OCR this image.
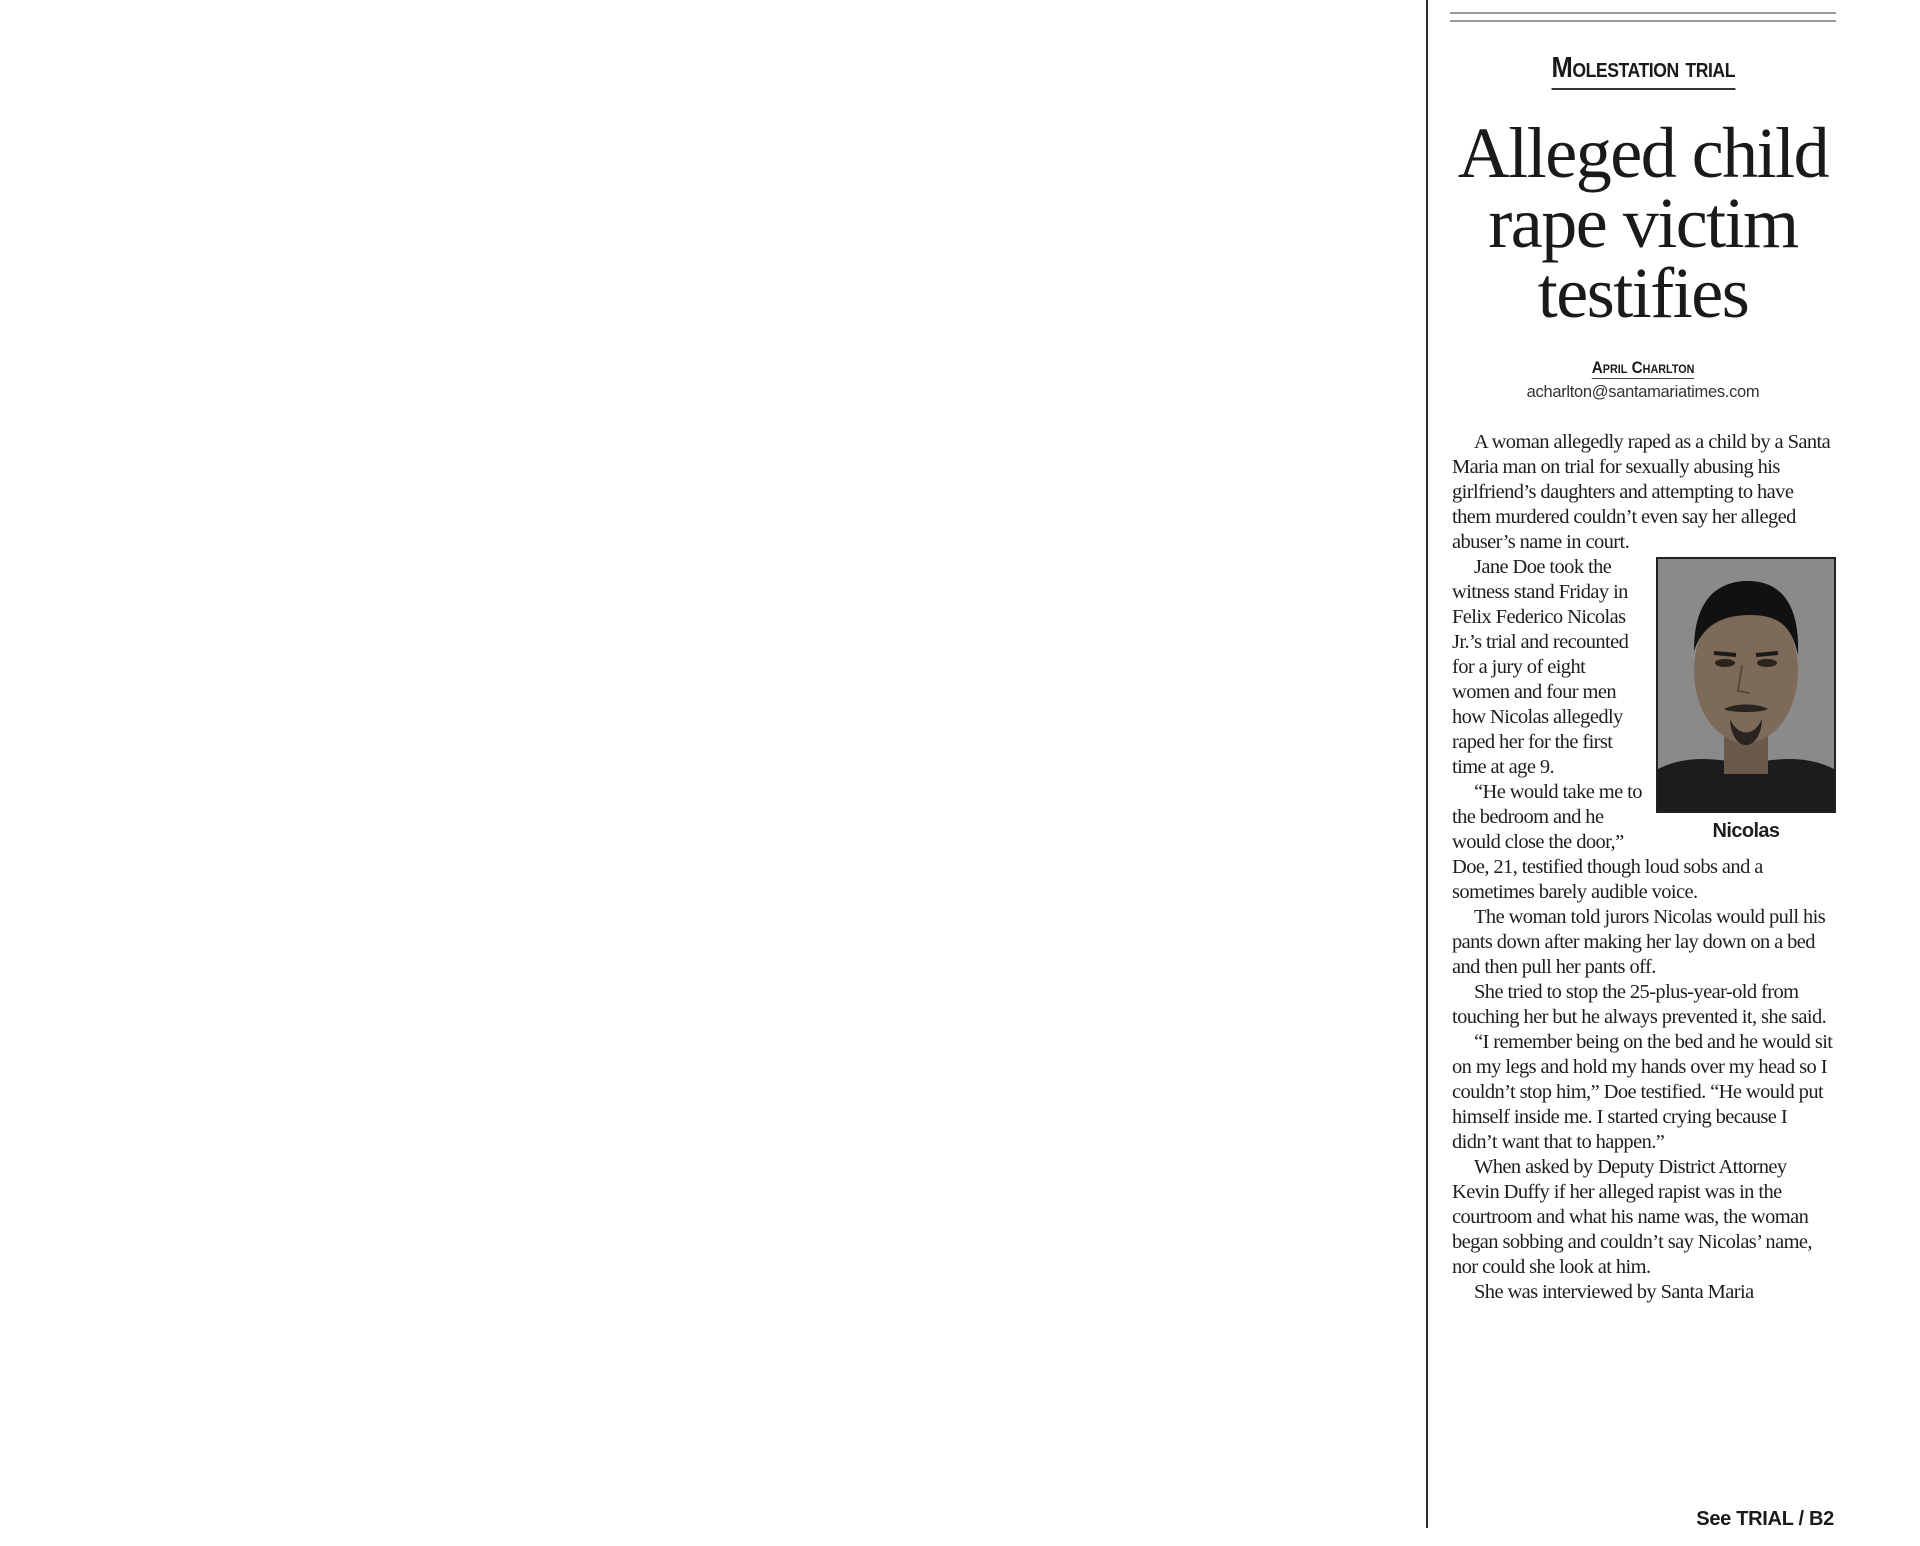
Molestation trial
Alleged child rape victim testifies
April Charlton
acharlton@santamariatimes.com

A woman allegedly raped as a child by a Santa Maria man on trial for sexually abusing his girlfriend’s daughters and attempting to have them murdered couldn’t even say her alleged abuser’s name in court.

Nicolas

Jane Doe took the witness stand Friday in Felix Federico Nicolas Jr.’s trial and recounted for a jury of eight women and four men how Nicolas allegedly raped her for the first time at age 9.

“He would take me to the bedroom and he would close the door,” Doe, 21, testified though loud sobs and a sometimes barely audible voice.

The woman told jurors Nicolas would pull his pants down after making her lay down on a bed and then pull her pants off.

She tried to stop the 25-plus-year-old from touching her but he always prevented it, she said.

“I remember being on the bed and he would sit on my legs and hold my hands over my head so I couldn’t stop him,” Doe testified. “He would put himself inside me. I started crying because I didn’t want that to happen.”

When asked by Deputy District Attorney Kevin Duffy if her alleged rapist was in the courtroom and what his name was, the woman began sobbing and couldn’t say Nicolas’ name, nor could she look at him.

She was interviewed by Santa Maria

See TRIAL / B2
